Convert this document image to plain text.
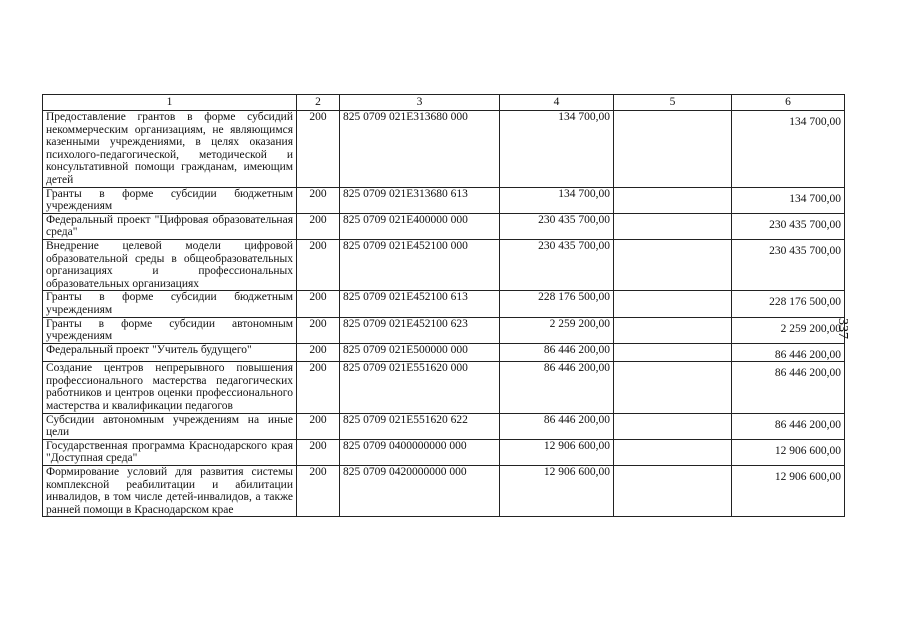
1	2	3	4	5	6
Предоставление грантов в форме субсидий некоммерческим организациям, не являющимся казенными учреждениями, в целях оказания психолого-педагогической, методической и консультативной помощи гражданам, имеющим детей	200	825 0709 021E313680 000	134 700,00		134 700,00

Гранты в форме субсидии бюджетным учреждениям	200	825 0709 021E313680 613	134 700,00		134 700,00

Федеральный проект "Цифровая образовательная среда"	200	825 0709 021E400000 000	230 435 700,00		230 435 700,00

Внедрение целевой модели цифровой образовательной среды в общеобразовательных организациях и профессиональных образовательных организациях	200	825 0709 021E452100 000	230 435 700,00		230 435 700,00

Гранты в форме субсидии бюджетным учреждениям	200	825 0709 021E452100 613	228 176 500,00		228 176 500,00

Гранты в форме субсидии автономным учреждениям	200	825 0709 021E452100 623	2 259 200,00		2 259 200,00

Федеральный проект "Учитель будущего"	200	825 0709 021E500000 000	86 446 200,00		86 446 200,00

Создание центров непрерывного повышения профессионального мастерства педагогических работников и центров оценки профессионального мастерства и квалификации педагогов	200	825 0709 021E551620 000	86 446 200,00		86 446 200,00

Субсидии автономным учреждениям на иные цели	200	825 0709 021E551620 622	86 446 200,00		86 446 200,00

Государственная программа Краснодарского края "Доступная среда"	200	825 0709 0400000000 000	12 906 600,00		12 906 600,00

Формирование условий для развития системы комплексной реабилитации и абилитации инвалидов, в том числе детей-инвалидов, а также ранней помощи в Краснодарском крае	200	825 0709 0420000000 000	12 906 600,00		12 906 600,00
337
